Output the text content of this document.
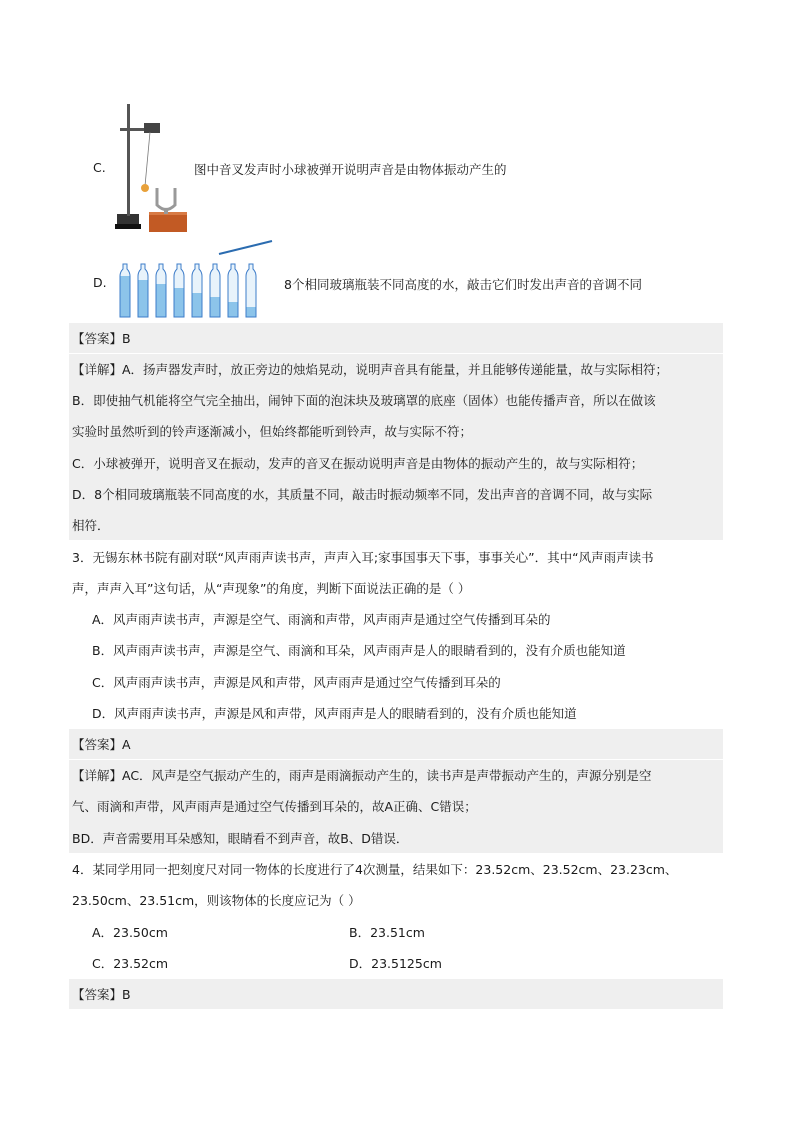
C.	图中音叉发声时小球被弹开说明声音是由物体振动产生的
D.	8个相同玻璃瓶装不同高度的水，敲击它们时发出声音的音调不同
【答案】B
【详解】A．扬声器发声时，放正旁边的烛焰晃动，说明声音具有能量，并且能够传递能量，故与实际相符；
B．即使抽气机能将空气完全抽出，闹钟下面的泡沫块及玻璃罩的底座（固体）也能传播声音，所以在做该
实验时虽然听到的铃声逐渐减小，但始终都能听到铃声，故与实际不符；
C．小球被弹开，说明音叉在振动，发声的音叉在振动说明声音是由物体的振动产生的，故与实际相符；
D．8个相同玻璃瓶装不同高度的水，其质量不同，敲击时振动频率不同，发出声音的音调不同，故与实际
相符．
3．无锡东林书院有副对联“风声雨声读书声，声声入耳;家事国事天下事，事事关心”．其中“风声雨声读书
声，声声入耳”这句话，从“声现象”的角度，判断下面说法正确的是（ ）
A．风声雨声读书声，声源是空气、雨滴和声带，风声雨声是通过空气传播到耳朵的
B．风声雨声读书声，声源是空气、雨滴和耳朵，风声雨声是人的眼睛看到的，没有介质也能知道
C．风声雨声读书声，声源是风和声带，风声雨声是通过空气传播到耳朵的
D．风声雨声读书声，声源是风和声带，风声雨声是人的眼睛看到的，没有介质也能知道
【答案】A
【详解】AC．风声是空气振动产生的，雨声是雨滴振动产生的，读书声是声带振动产生的，声源分别是空
气、雨滴和声带，风声雨声是通过空气传播到耳朵的，故A正确、C错误；
BD．声音需要用耳朵感知，眼睛看不到声音，故B、D错误．
4．某同学用同一把刻度尺对同一物体的长度进行了4次测量，结果如下：23.52cm、23.52cm、23.23cm、
23.50cm、23.51cm，则该物体的长度应记为（ ）
A．23.50cm	B．23.51cm
C．23.52cm	D．23.5125cm
【答案】B
